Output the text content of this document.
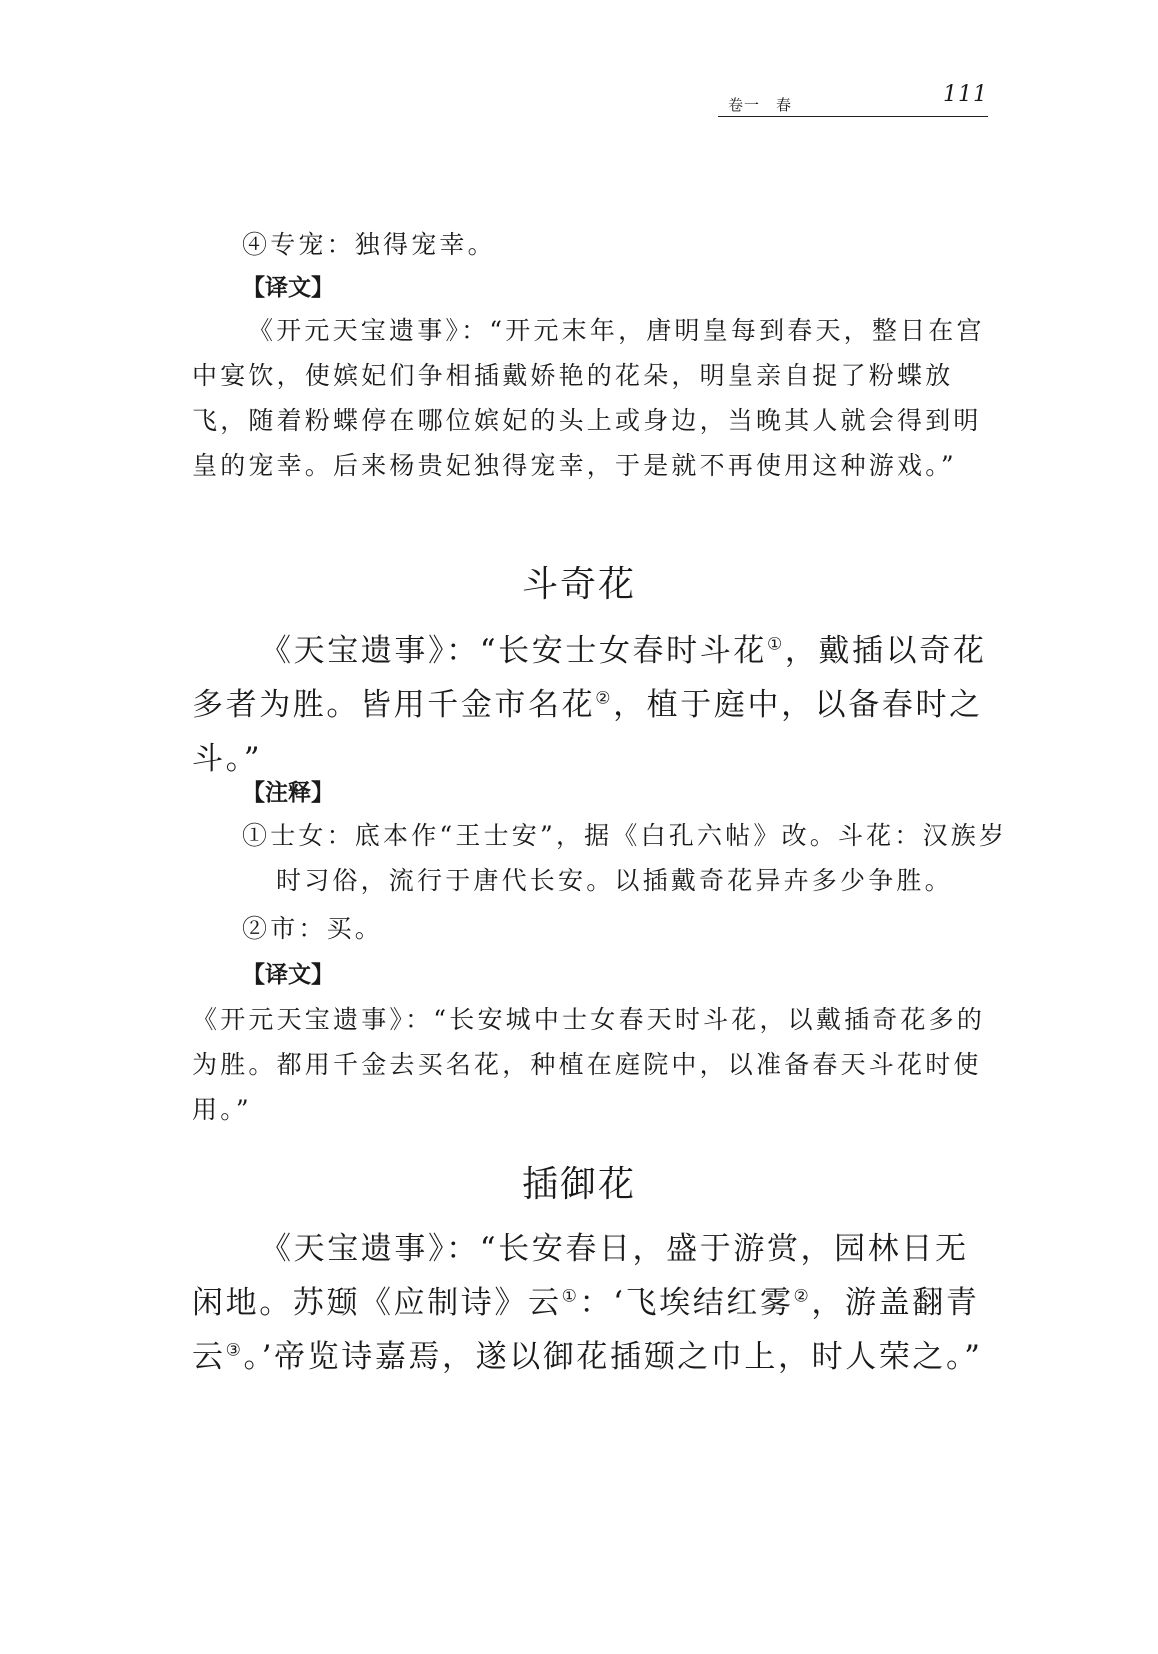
卷一　春	111

④专宠：独得宠幸。

【译文】

《开元天宝遗事》：“开元末年，唐明皇每到春天，整日在宫中宴饮，使嫔妃们争相插戴娇艳的花朵，明皇亲自捉了粉蝶放飞，随着粉蝶停在哪位嫔妃的头上或身边，当晚其人就会得到明皇的宠幸。后来杨贵妃独得宠幸，于是就不再使用这种游戏。”

斗奇花

《天宝遗事》：“长安士女春时斗花①，戴插以奇花多者为胜。皆用千金市名花②，植于庭中，以备春时之斗。”

【注释】

①士女：底本作“王士安”，据《白孔六帖》改。斗花：汉族岁时习俗，流行于唐代长安。以插戴奇花异卉多少争胜。

②市：买。

【译文】

《开元天宝遗事》：“长安城中士女春天时斗花，以戴插奇花多的为胜。都用千金去买名花，种植在庭院中，以准备春天斗花时使用。”

插御花

《天宝遗事》：“长安春日，盛于游赏，园林日无闲地。苏颋《应制诗》云①：‘飞埃结红雾②，游盖翻青云③。’帝览诗嘉焉，遂以御花插颋之巾上，时人荣之。”
